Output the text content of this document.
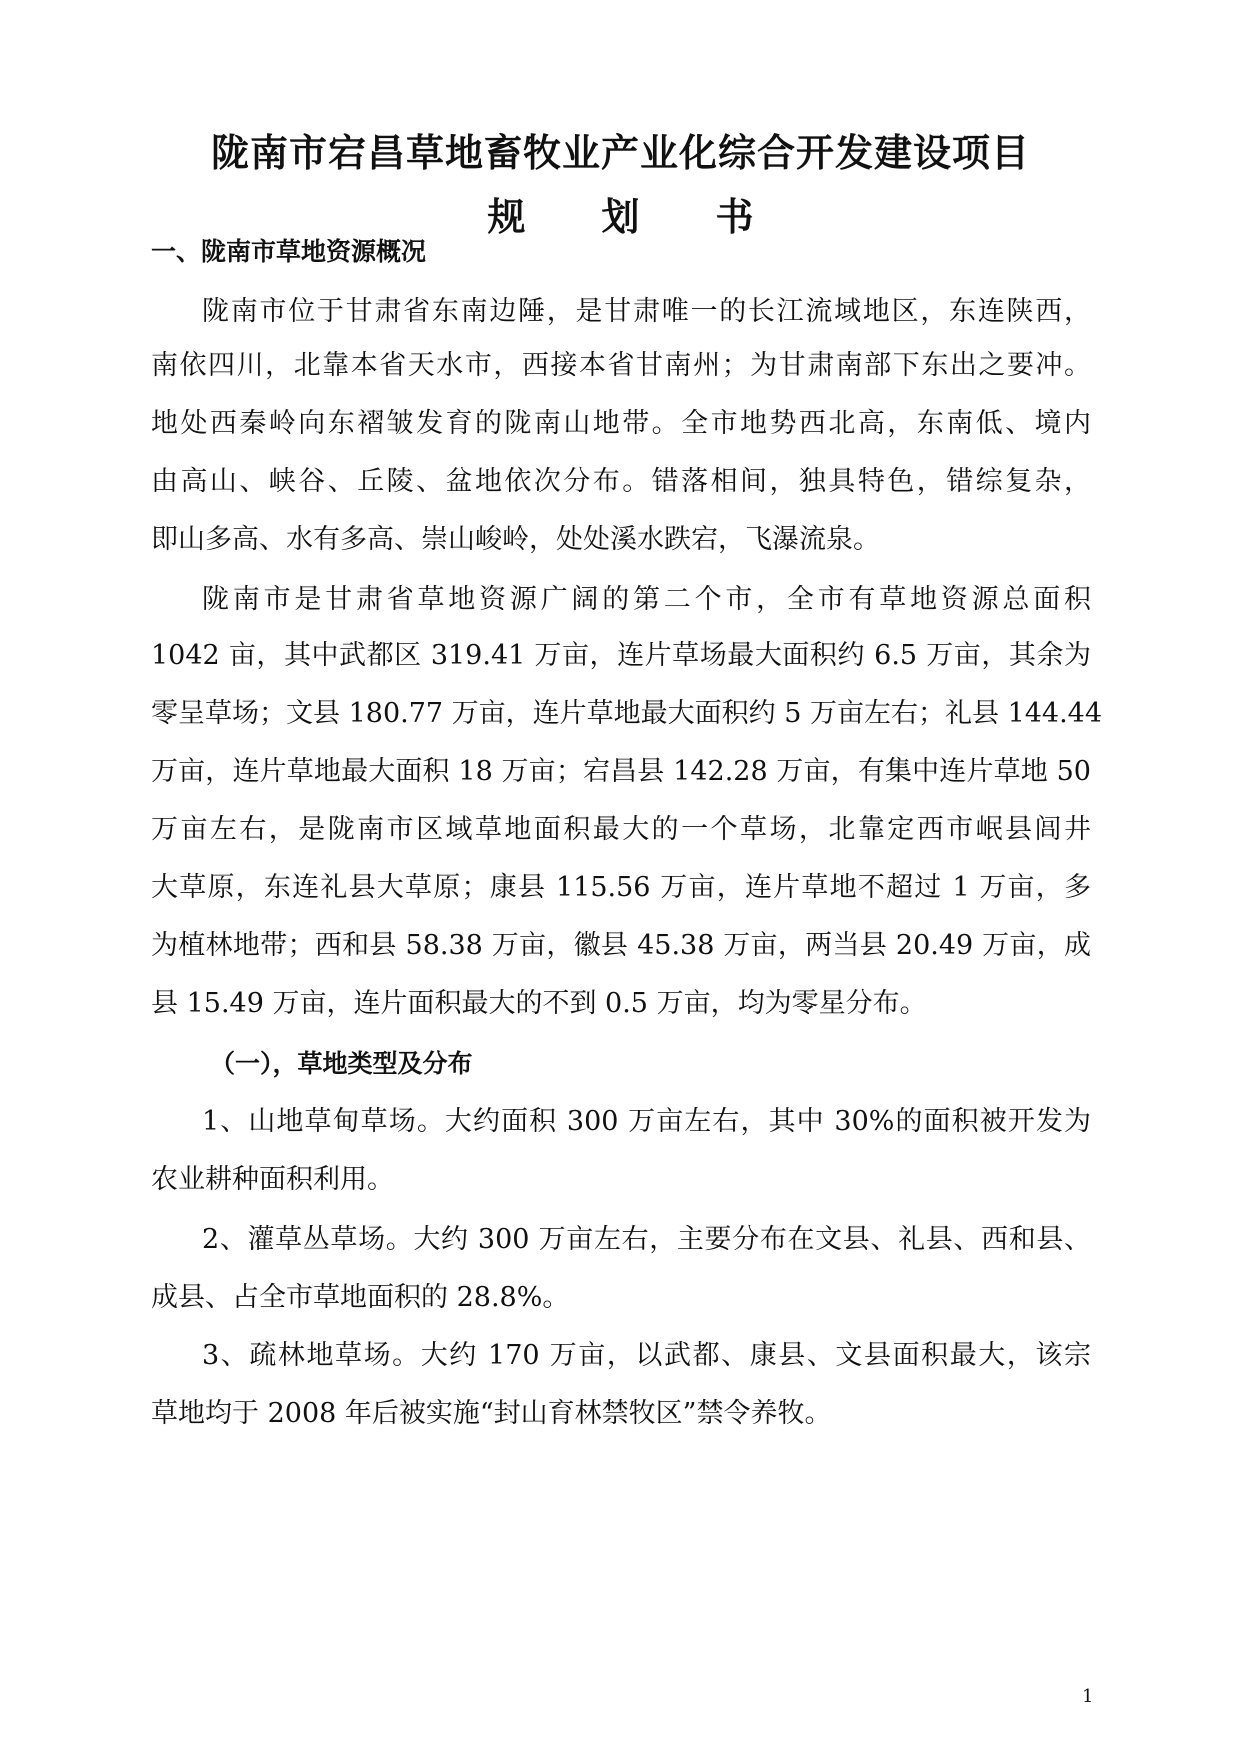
陇南市宕昌草地畜牧业产业化综合开发建设项目
规　　划　　书
一、陇南市草地资源概况
陇南市位于甘肃省东南边陲，是甘肃唯一的长江流域地区，东连陕西，
南依四川，北靠本省天水市，西接本省甘南州；为甘肃南部下东出之要冲。
地处西秦岭向东褶皱发育的陇南山地带。全市地势西北高，东南低、境内
由高山、峡谷、丘陵、盆地依次分布。错落相间，独具特色，错综复杂，
即山多高、水有多高、崇山峻岭，处处溪水跌宕，飞瀑流泉。
陇南市是甘肃省草地资源广阔的第二个市，全市有草地资源总面积
1042 亩，其中武都区 319.41 万亩，连片草场最大面积约 6.5 万亩，其余为
零呈草场；文县 180.77 万亩，连片草地最大面积约 5 万亩左右；礼县 144.44
万亩，连片草地最大面积 18 万亩；宕昌县 142.28 万亩，有集中连片草地 50
万亩左右，是陇南市区域草地面积最大的一个草场，北靠定西市岷县闾井
大草原，东连礼县大草原；康县 115.56 万亩，连片草地不超过 1 万亩，多
为植林地带；西和县 58.38 万亩，徽县 45.38 万亩，两当县 20.49 万亩，成
县 15.49 万亩，连片面积最大的不到 0.5 万亩，均为零星分布。
（一），草地类型及分布
1、山地草甸草场。大约面积 300 万亩左右，其中 30%的面积被开发为
农业耕种面积利用。
2、灌草丛草场。大约 300 万亩左右，主要分布在文县、礼县、西和县、
成县、占全市草地面积的 28.8%。
3、疏林地草场。大约 170 万亩，以武都、康县、文县面积最大，该宗
草地均于 2008 年后被实施“封山育林禁牧区”禁令养牧。
1
